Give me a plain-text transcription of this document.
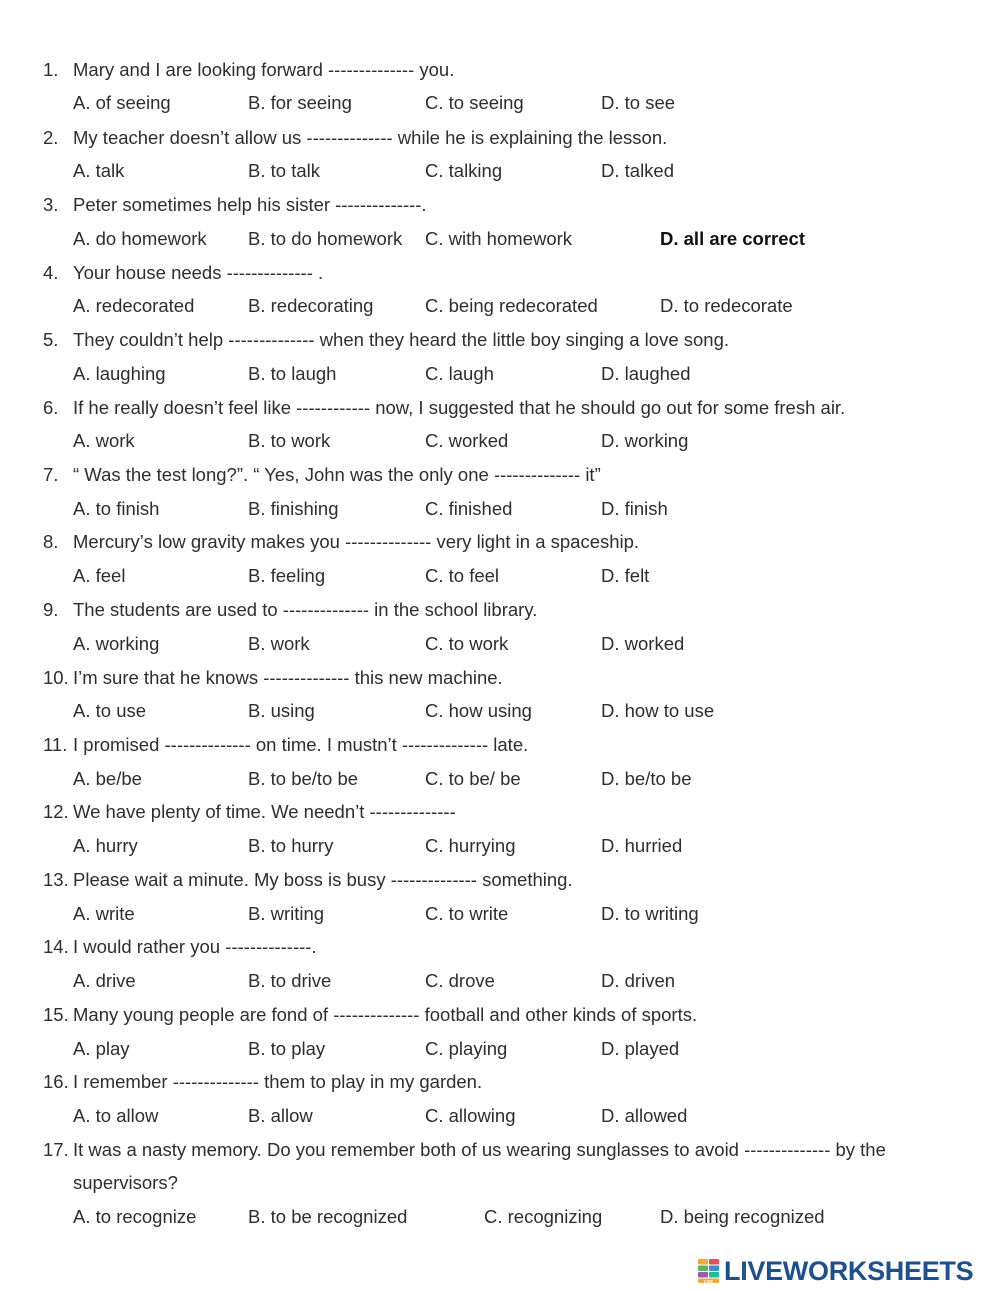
1. Mary and I are looking forward -------------- you.
A. of seeing	B. for seeing	C. to seeing	D. to see
2. My teacher doesn’t allow us -------------- while he is explaining the lesson.
A. talk	B. to talk	C. talking	D. talked
3. Peter sometimes help his sister --------------.
A. do homework B. to do homework C. with homework	D. all are correct
4. Your house needs -------------- .
A. redecorated	B. redecorating	C. being redecorated	D. to redecorate
5. They couldn’t help -------------- when they heard the little boy singing a love song.
A. laughing	B. to laugh	C. laugh	D. laughed
6. If he really doesn’t feel like ------------ now, I suggested that he should go out for some fresh air.
A. work	B. to work	C. worked	D. working
7. “ Was the test long?”. “ Yes, John was the only one -------------- it”
A. to finish	B. finishing	C. finished	D. finish
8. Mercury’s low gravity makes you -------------- very light in a spaceship.
A. feel	B. feeling	C. to feel	D. felt
9. The students are used to -------------- in the school library.
A. working	B. work	C. to work	D. worked
10. I’m sure that he knows -------------- this new machine.
A. to use	B. using	C. how using	D. how to use
11. I promised -------------- on time. I mustn’t -------------- late.
A. be/be	B. to be/to be	C. to be/ be	D. be/to be
12. We have plenty of time. We needn’t --------------
A. hurry	B. to hurry	C. hurrying	D. hurried
13. Please wait a minute. My boss is busy -------------- something.
A. write	B. writing	C. to write	D. to writing
14. I would rather you --------------.
A. drive	B. to drive	C. drove	D. driven
15. Many young people are fond of -------------- football and other kinds of sports.
A. play	B. to play	C. playing	D. played
16. I remember -------------- them to play in my garden.
A. to allow	B. allow	C. allowing	D. allowed
17. It was a nasty memory. Do you remember both of us wearing sunglasses to avoid -------------- by the
supervisors?
A. to recognize	B. to be recognized	C. recognizing	D. being recognized
LIVE LIVEWORKSHEETS
